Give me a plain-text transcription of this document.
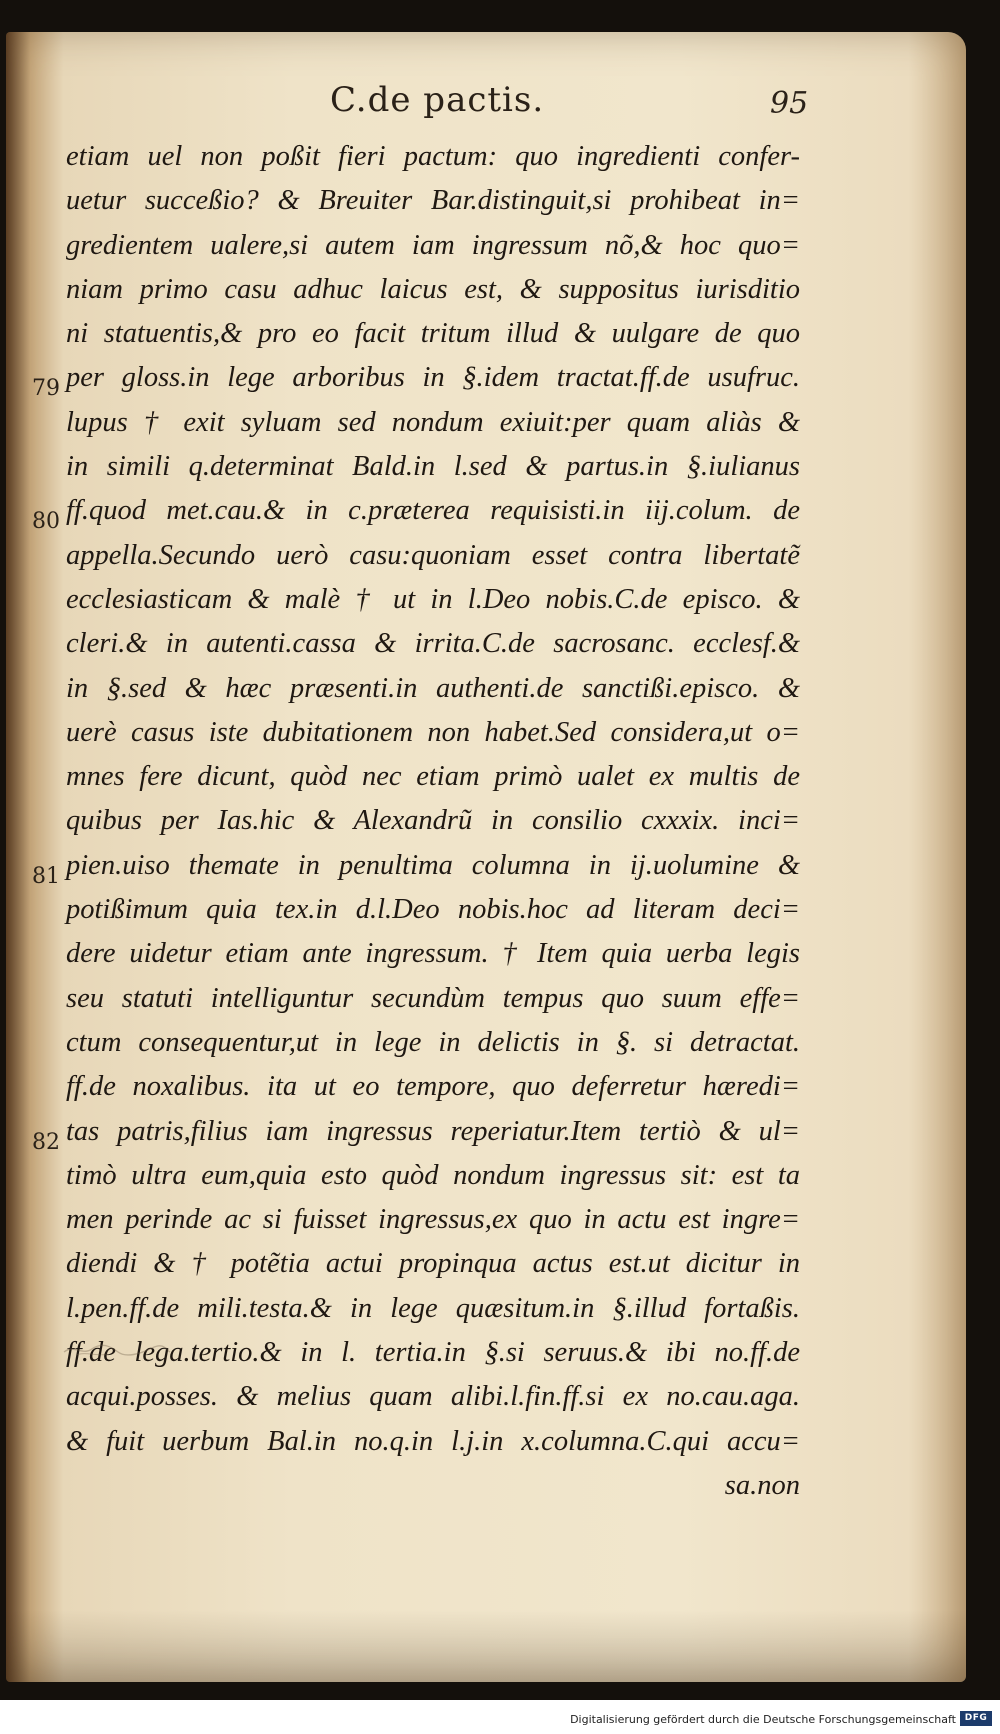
C.de pactis.	95
79
80
81
82
etiam uel non poßit fieri pactum: quo ingredienti confer-
uetur succeßio? & Breuiter Bar.distinguit,si prohibeat in=
gredientem ualere,si autem iam ingressum nõ,& hoc quo=
niam primo casu adhuc laicus est, & suppositus iurisditio
ni statuentis,& pro eo facit tritum illud & uulgare de quo
per gloss.in lege arboribus in §.idem tractat.ff.de usufruc.
lupus † exit syluam sed nondum exiuit:per quam aliàs &
in simili q.determinat Bald.in l.sed & partus.in §.iulianus
ff.quod met.cau.& in c.præterea requisisti.in iij.colum. de
appella.Secundo uerò casu:quoniam esset contra libertatẽ
ecclesiasticam & malè † ut in l.Deo nobis.C.de episco. &
cleri.& in autenti.cassa & irrita.C.de sacrosanc. ecclesf.&
in §.sed & hæc præsenti.in authenti.de sanctißi.episco. &
uerè casus iste dubitationem non habet.Sed considera,ut o=
mnes fere dicunt, quòd nec etiam primò ualet ex multis de
quibus per Ias.hic & Alexandrũ in consilio cxxxix. inci=
pien.uiso themate in penultima columna in ij.uolumine &
potißimum quia tex.in d.l.Deo nobis.hoc ad literam deci=
dere uidetur etiam ante ingressum. † Item quia uerba legis
seu statuti intelliguntur secundùm tempus quo suum effe=
ctum consequentur,ut in lege in delictis in §. si detractat.
ff.de noxalibus. ita ut eo tempore, quo deferretur hæredi=
tas patris,filius iam ingressus reperiatur.Item tertiò & ul=
timò ultra eum,quia esto quòd nondum ingressus sit: est ta
men perinde ac si fuisset ingressus,ex quo in actu est ingre=
diendi & † potẽtia actui propinqua actus est.ut dicitur in
l.pen.ff.de mili.testa.& in lege quæsitum.in §.illud fortaßis.
ff.de lega.tertio.& in l. tertia.in §.si seruus.& ibi no.ff.de
acqui.posses. & melius quam alibi.l.fin.ff.si ex no.cau.aga.
& fuit uerbum Bal.in no.q.in l.j.in x.columna.C.qui accu=
sa.non
Digitalisierung gefördert durch die Deutsche Forschungsgemeinschaft DFG
